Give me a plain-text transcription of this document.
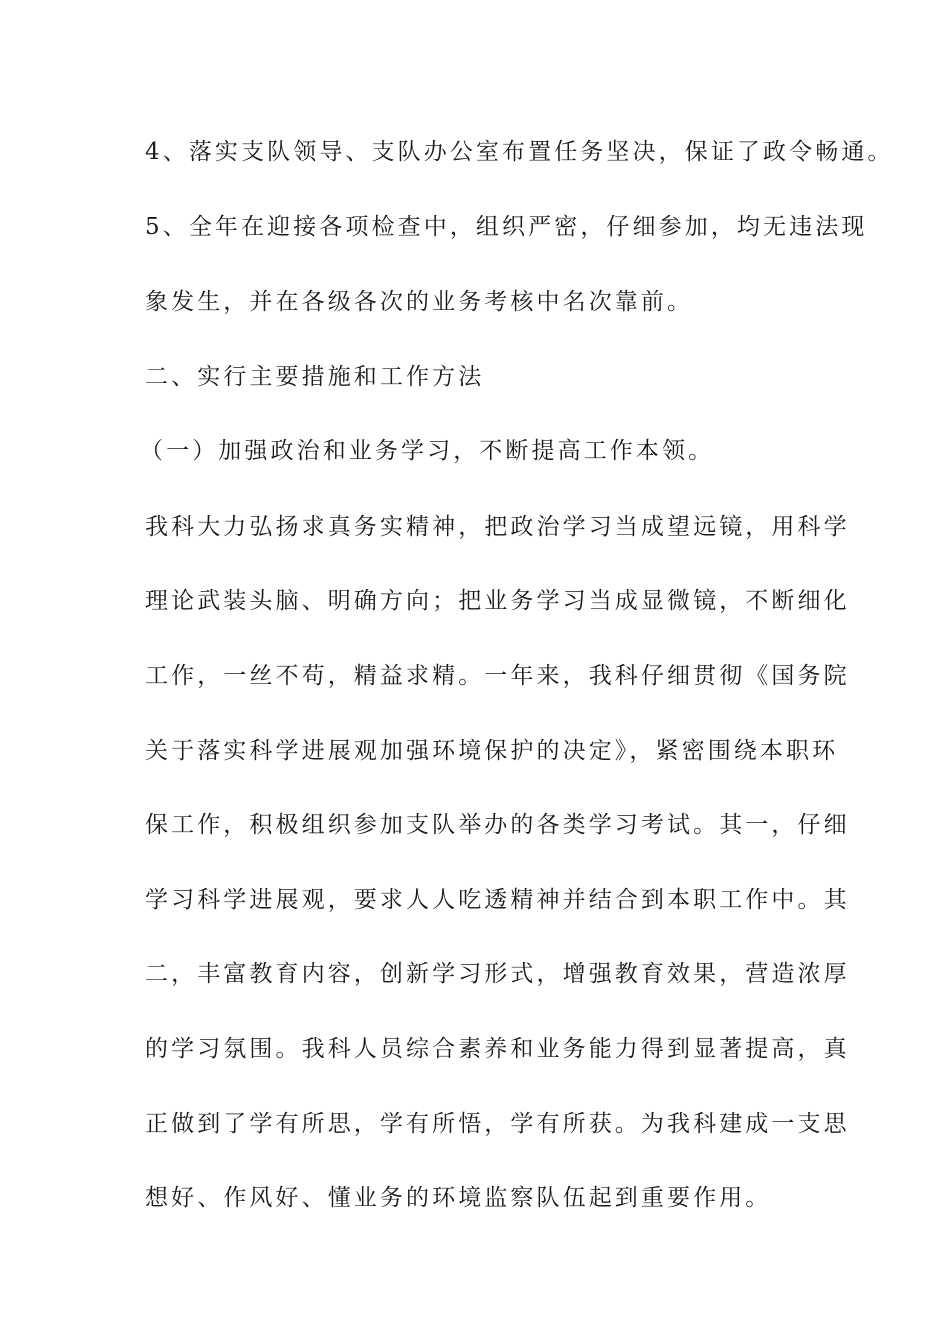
4、落实支队领导、支队办公室布置任务坚决，保证了政令畅通。

5、全年在迎接各项检查中，组织严密，仔细参加，均无违法现

象发生，并在各级各次的业务考核中名次靠前。

二、实行主要措施和工作方法

（一）加强政治和业务学习，不断提高工作本领。

我科大力弘扬求真务实精神，把政治学习当成望远镜，用科学

理论武装头脑、明确方向；把业务学习当成显微镜，不断细化

工作，一丝不苟，精益求精。一年来，我科仔细贯彻《国务院

关于落实科学进展观加强环境保护的决定》，紧密围绕本职环

保工作，积极组织参加支队举办的各类学习考试。其一，仔细

学习科学进展观，要求人人吃透精神并结合到本职工作中。其

二，丰富教育内容，创新学习形式，增强教育效果，营造浓厚

的学习氛围。我科人员综合素养和业务能力得到显著提高，真

正做到了学有所思，学有所悟，学有所获。为我科建成一支思

想好、作风好、懂业务的环境监察队伍起到重要作用。
